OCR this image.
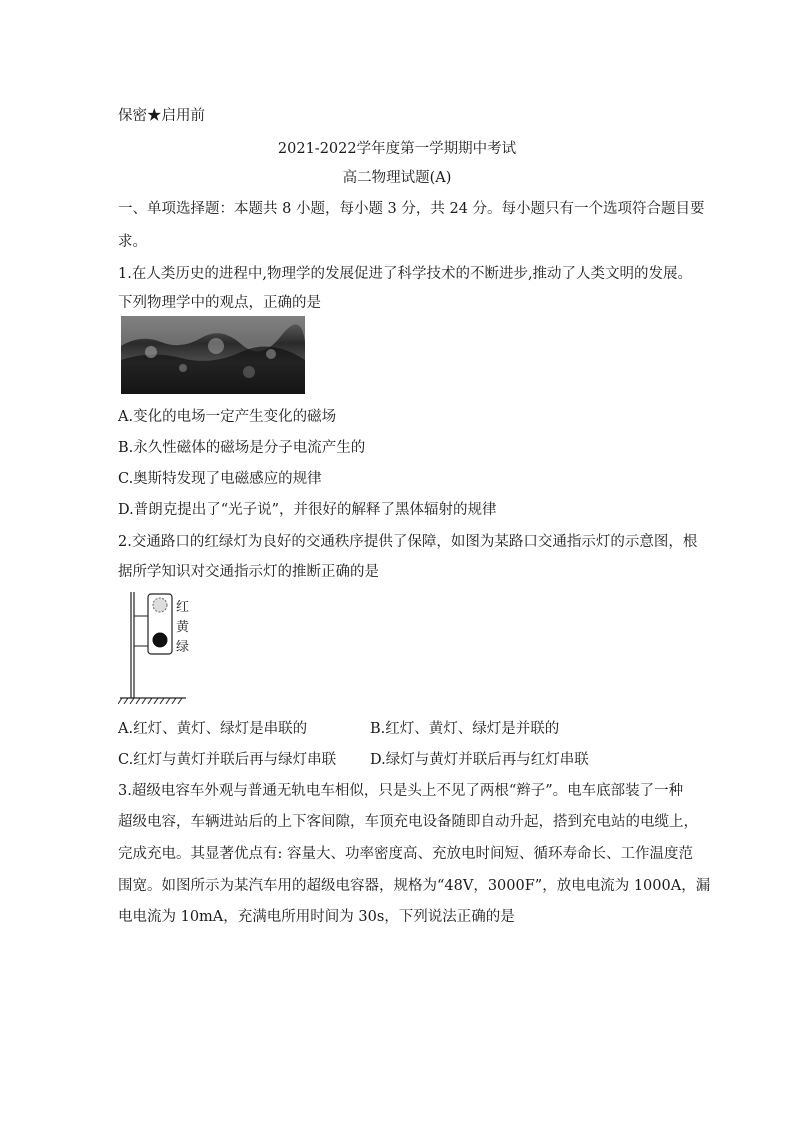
保密★启用前
2021-2022学年度第一学期期中考试
高二物理试题(A)
一、单项选择题：本题共 8 小题，每小题 3 分，共 24 分。每小题只有一个选项符合题目要
求。
1.在人类历史的进程中,物理学的发展促进了科学技术的不断进步,推动了人类文明的发展。
下列物理学中的观点，正确的是
A.变化的电场一定产生变化的磁场
B.永久性磁体的磁场是分子电流产生的
C.奥斯特发现了电磁感应的规律
D.普朗克提出了“光子说”，并很好的解释了黑体辐射的规律
2.交通路口的红绿灯为良好的交通秩序提供了保障，如图为某路口交通指示灯的示意图，根
据所学知识对交通指示灯的推断正确的是
红
黄
绿
A.红灯、黄灯、绿灯是串联的	B.红灯、黄灯、绿灯是并联的
C.红灯与黄灯并联后再与绿灯串联 D.绿灯与黄灯并联后再与红灯串联
3.超级电容车外观与普通无轨电车相似，只是头上不见了两根“辫子”。电车底部装了一种
超级电容，车辆进站后的上下客间隙，车顶充电设备随即自动升起，搭到充电站的电缆上，
完成充电。其显著优点有: 容量大、功率密度高、充放电时间短、循环寿命长、工作温度范
围宽。如图所示为某汽车用的超级电容器，规格为“48V，3000F”，放电电流为 1000A，漏
电电流为 10mA，充满电所用时间为 30s，下列说法正确的是
